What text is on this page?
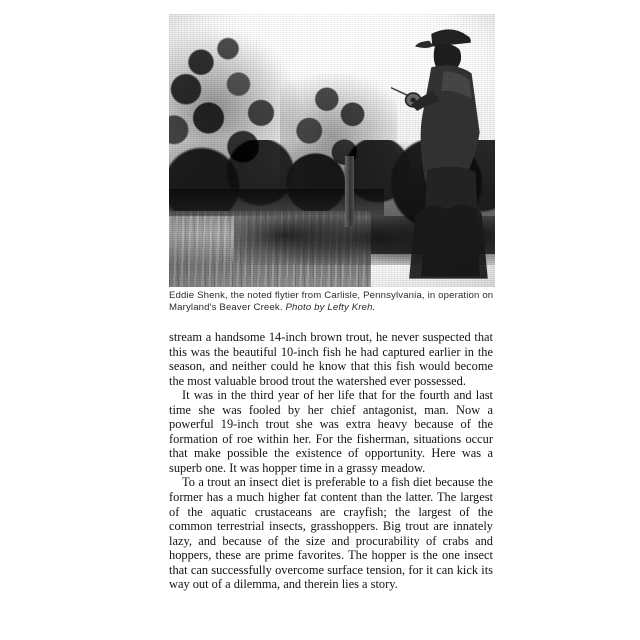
Eddie Shenk, the noted flytier from Carlisle, Pennsylvania, in operation on Maryland's Beaver Creek. Photo by Lefty Kreh.

stream a handsome 14-inch brown trout, he never suspected that this was the beautiful 10-inch fish he had captured earlier in the season, and neither could he know that this fish would become the most valuable brood trout the watershed ever possessed.

It was in the third year of her life that for the fourth and last time she was fooled by her chief antagonist, man. Now a powerful 19-inch trout she was extra heavy because of the formation of roe within her. For the fisherman, situations occur that make possible the existence of opportunity. Here was a superb one. It was hopper time in a grassy meadow.

To a trout an insect diet is preferable to a fish diet because the former has a much higher fat content than the latter. The largest of the aquatic crustaceans are crayfish; the largest of the common terrestrial insects, grasshoppers. Big trout are innately lazy, and because of the size and procurability of crabs and hoppers, these are prime favorites. The hopper is the one insect that can successfully overcome surface tension, for it can kick its way out of a dilemma, and therein lies a story.
